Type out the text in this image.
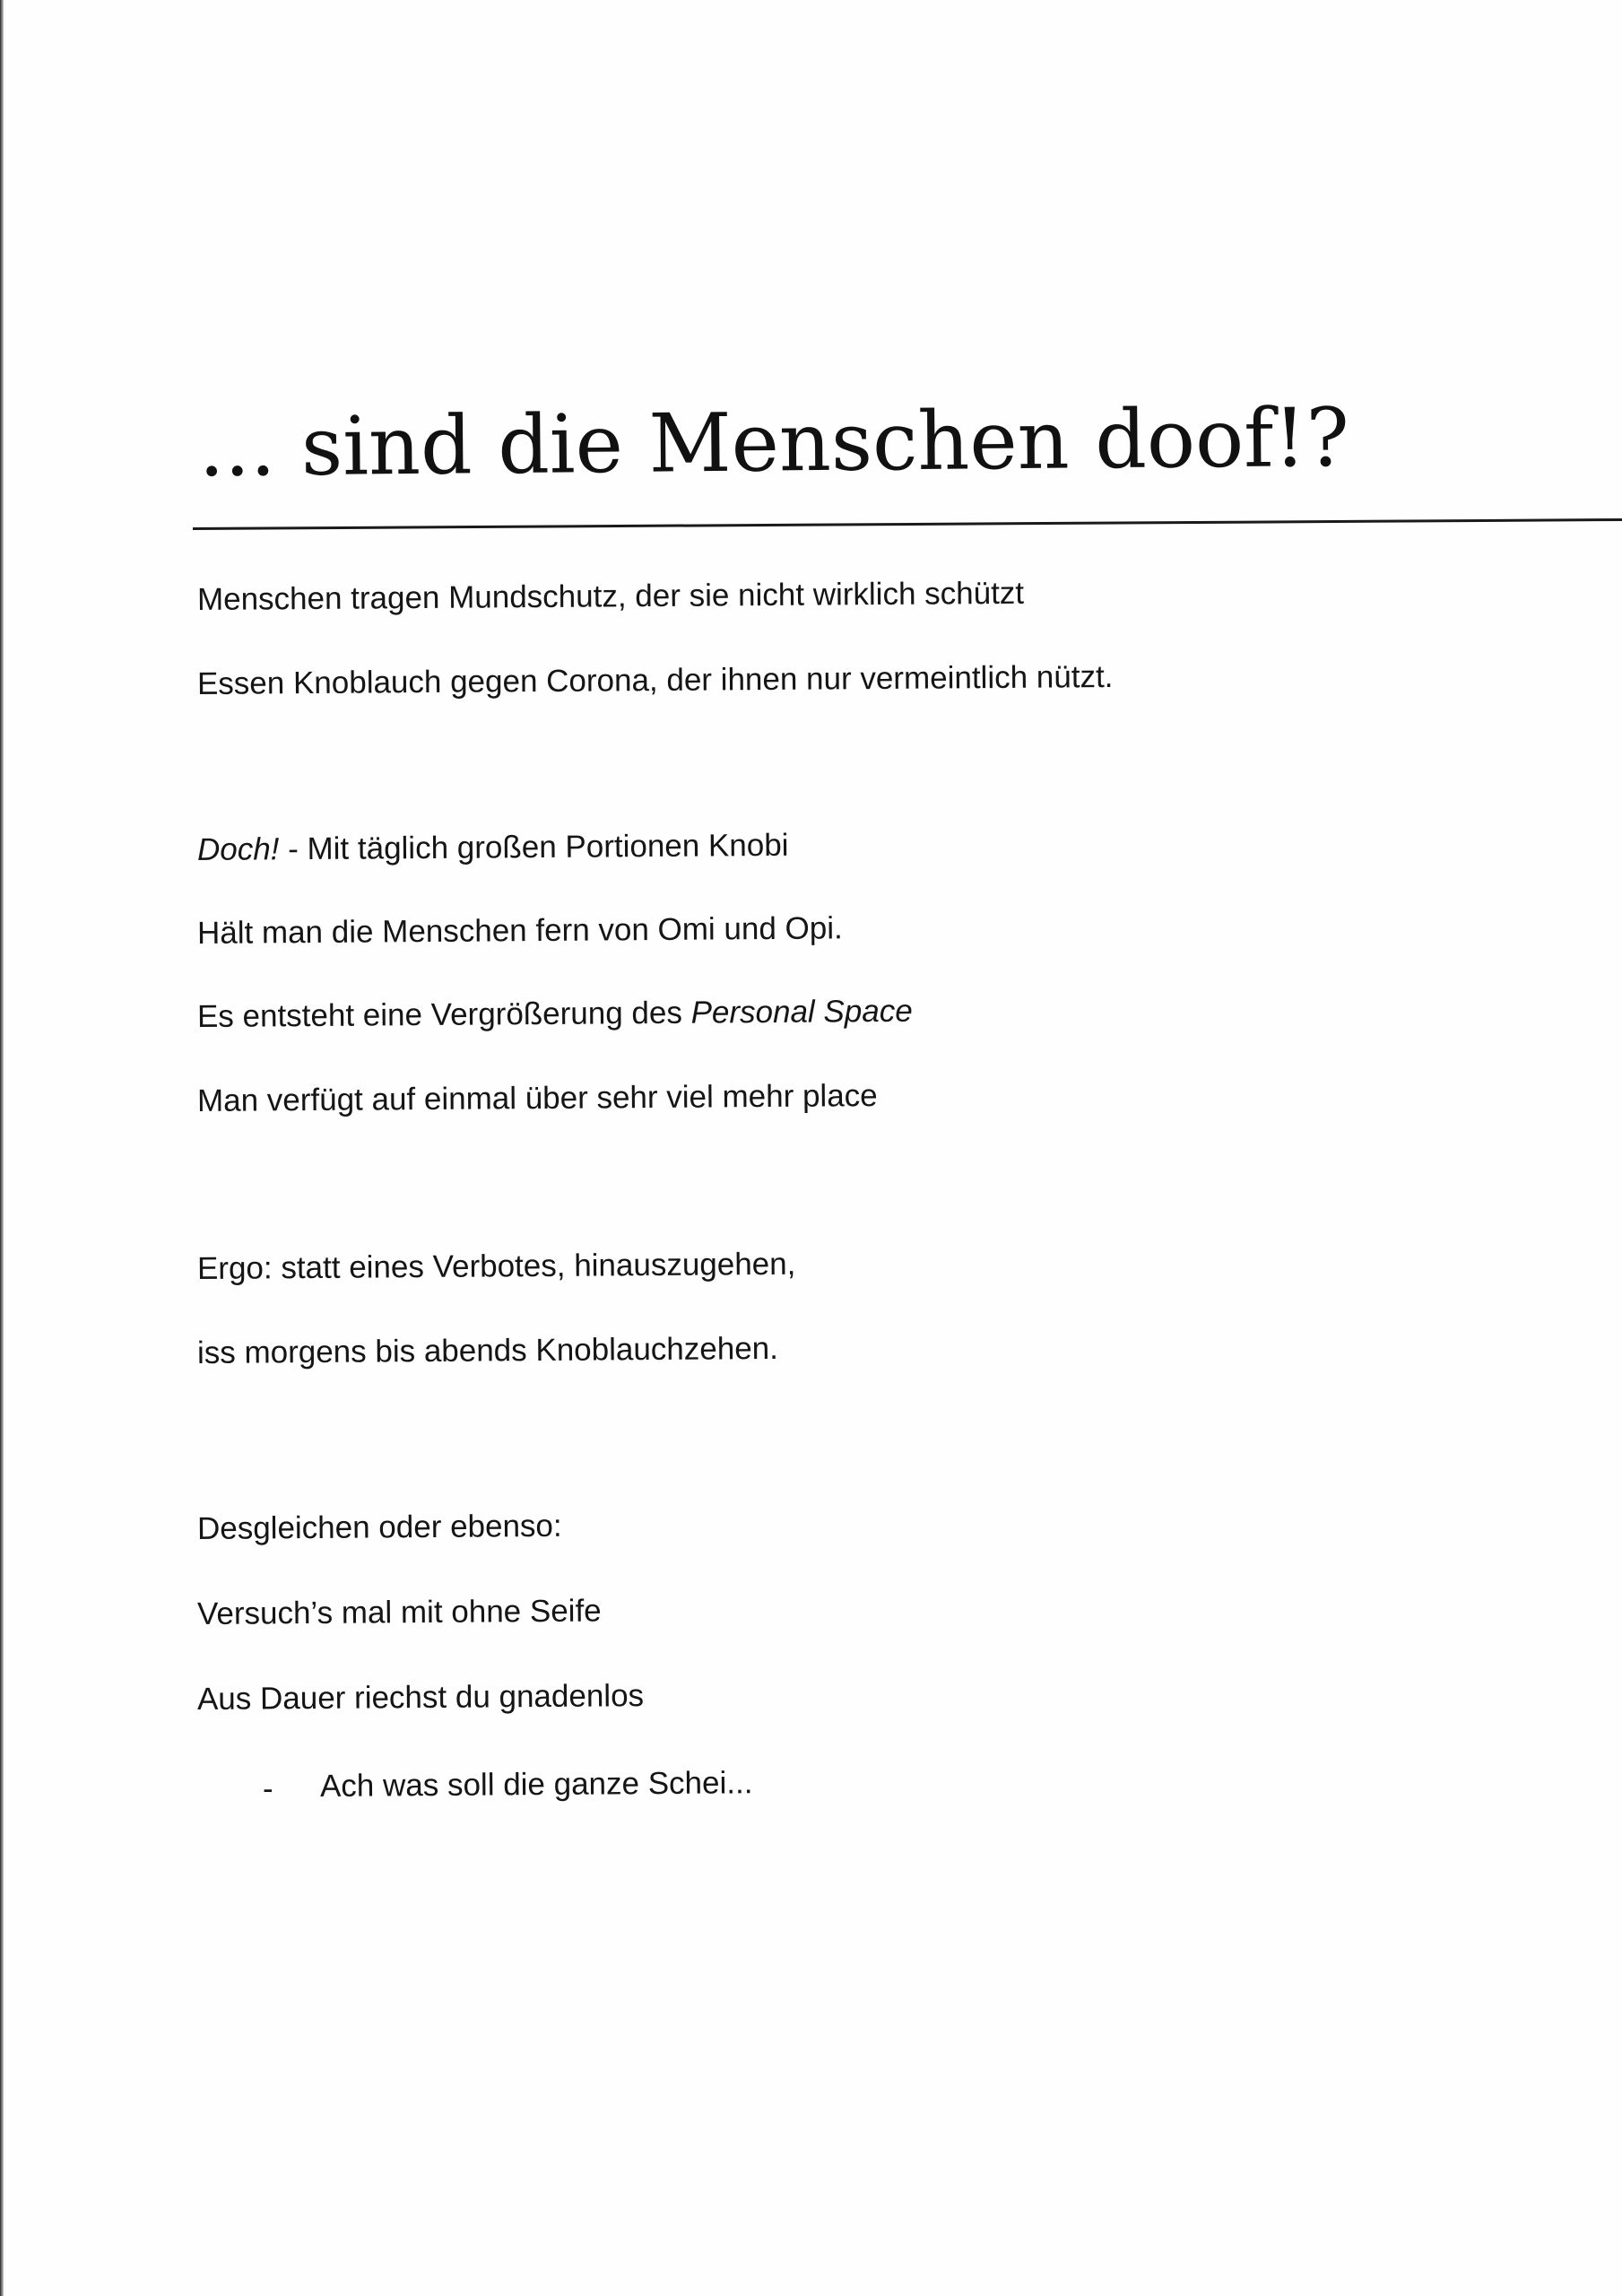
... sind die Menschen doof!?

Menschen tragen Mundschutz, der sie nicht wirklich schützt

Essen Knoblauch gegen Corona, der ihnen nur vermeintlich nützt.

Doch! - Mit täglich großen Portionen Knobi

Hält man die Menschen fern von Omi und Opi.

Es entsteht eine Vergrößerung des Personal Space

Man verfügt auf einmal über sehr viel mehr place

Ergo: statt eines Verbotes, hinauszugehen,

iss morgens bis abends Knoblauchzehen.

Desgleichen oder ebenso:

Versuch’s mal mit ohne Seife

Aus Dauer riechst du gnadenlos

- Ach was soll die ganze Schei...
